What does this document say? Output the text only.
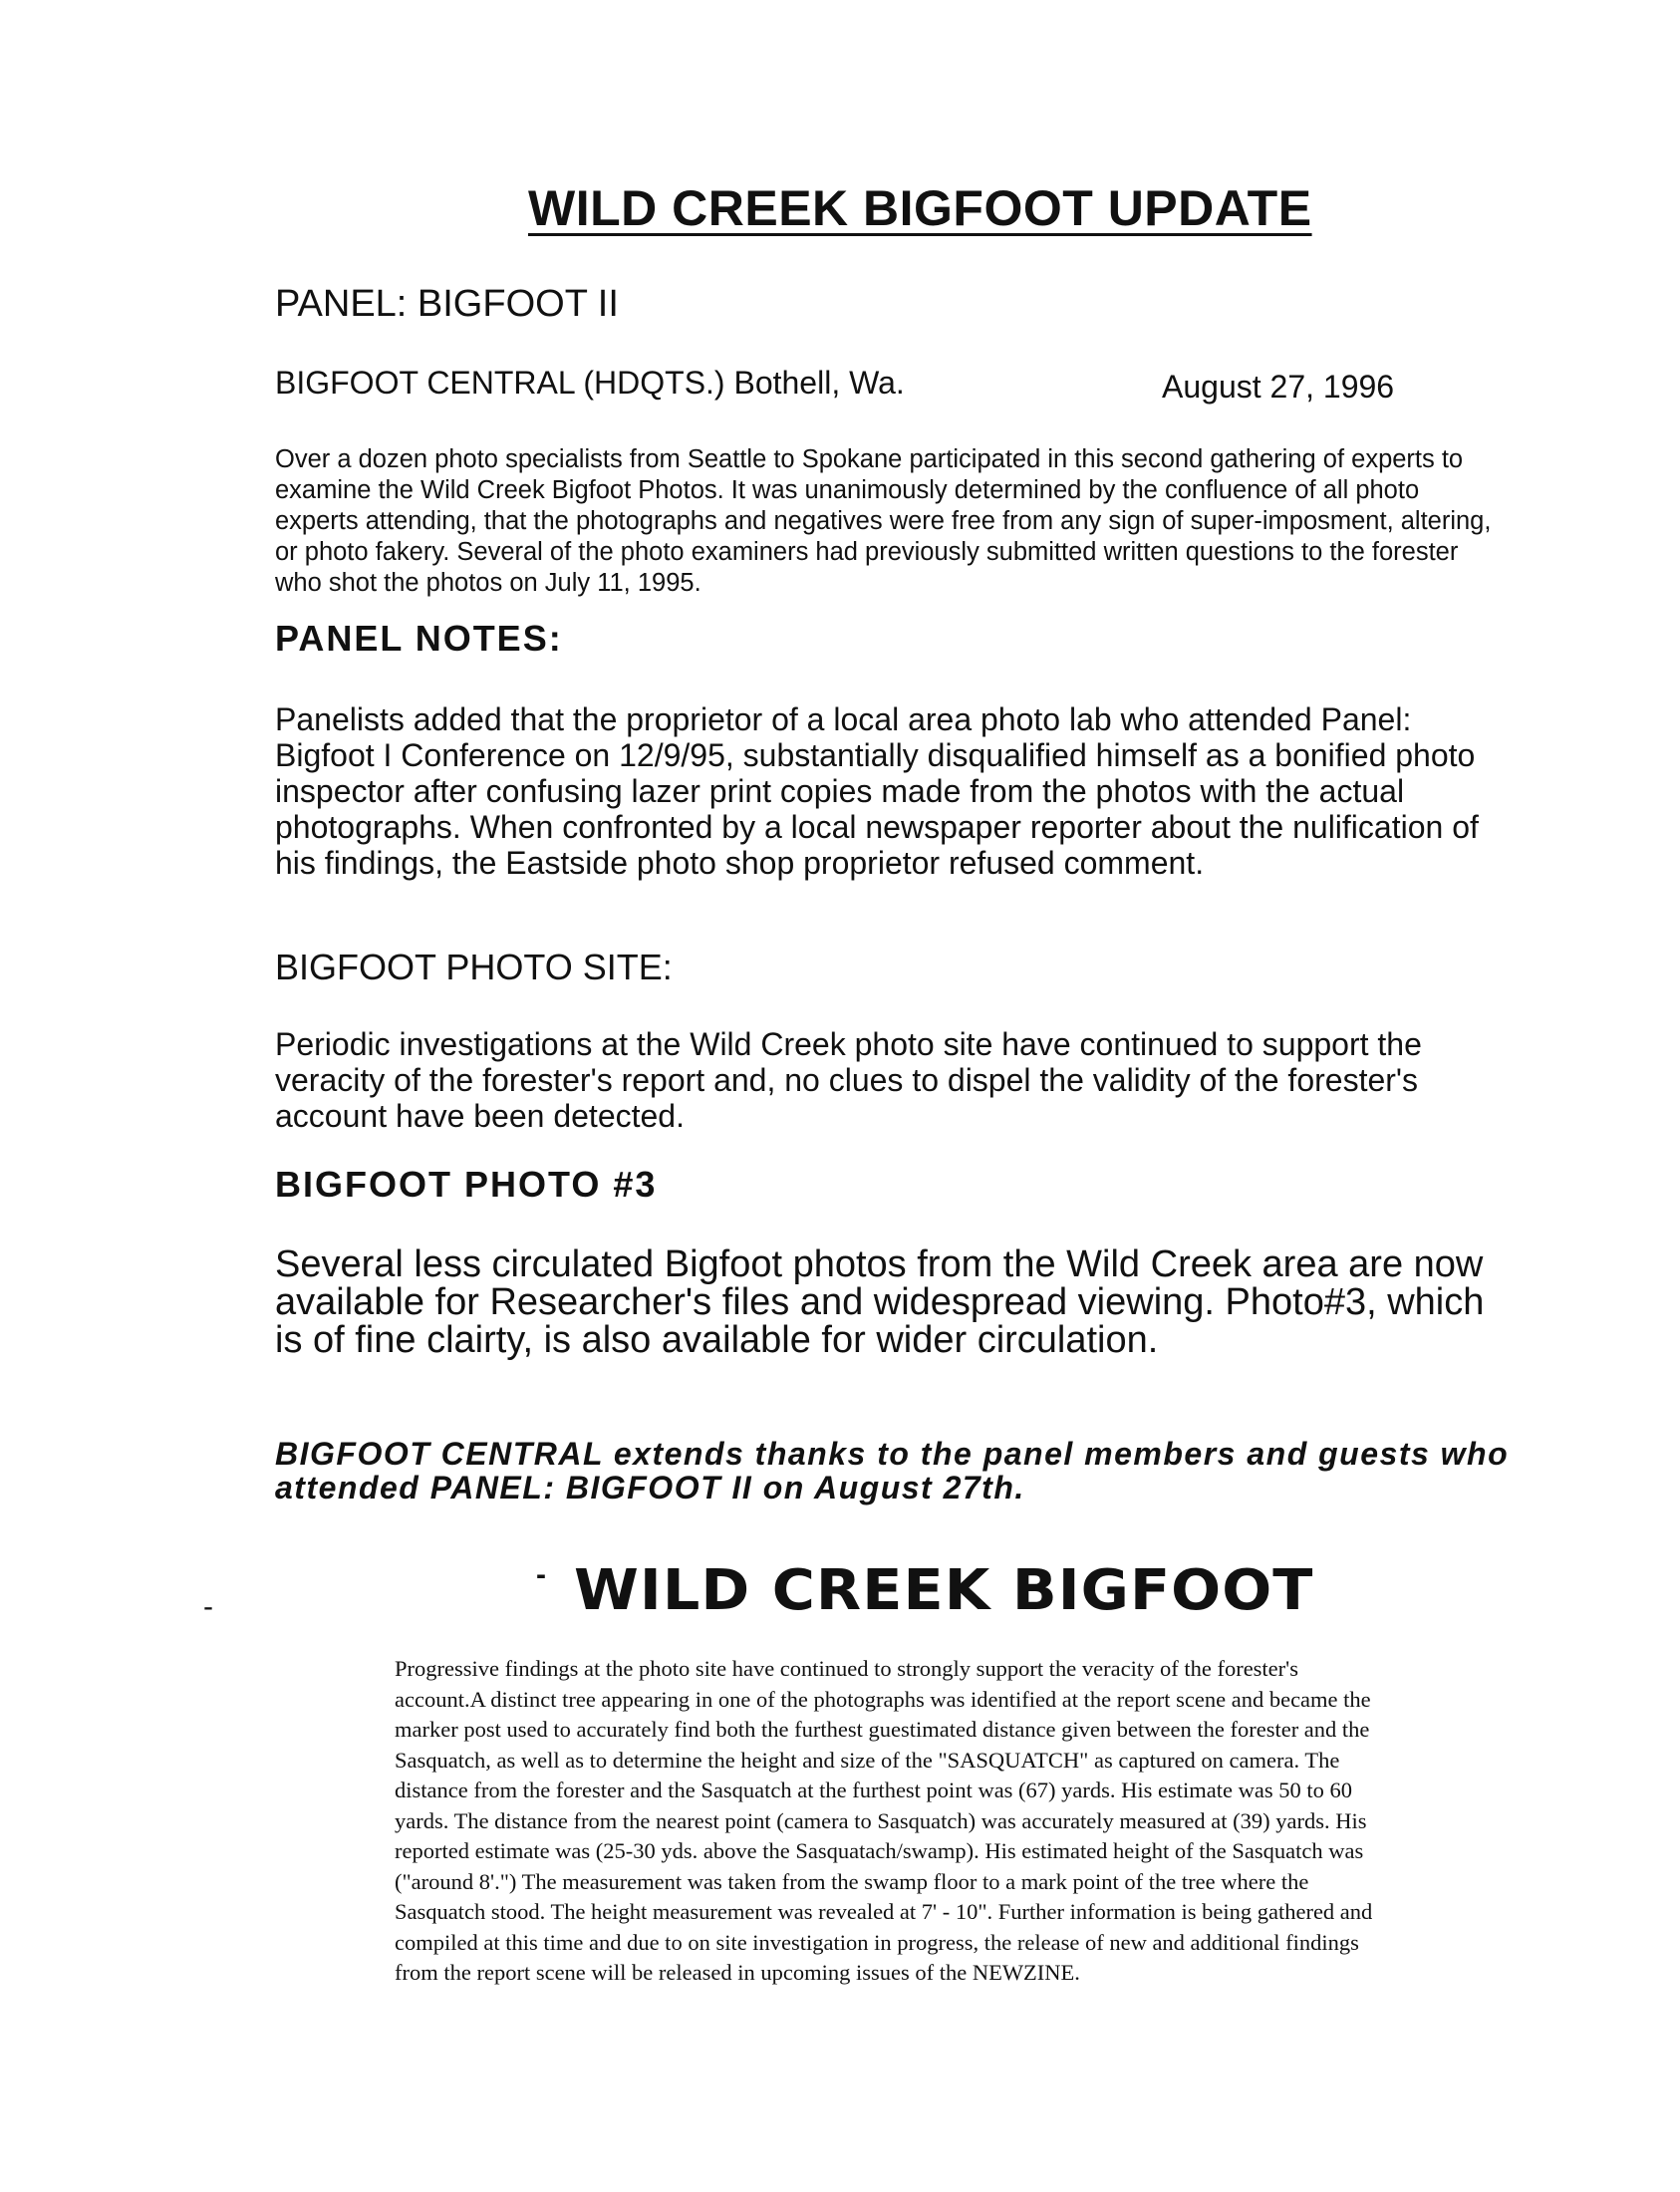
WILD CREEK BIGFOOT UPDATE
PANEL: BIGFOOT II
BIGFOOT CENTRAL (HDQTS.) Bothell, Wa.	August 27, 1996

Over a dozen photo specialists from Seattle to Spokane participated in this second gathering of experts to examine the Wild Creek Bigfoot Photos. It was unanimously determined by the confluence of all photo experts attending, that the photographs and negatives were free from any sign of super-imposment, altering, or photo fakery. Several of the photo examiners had previously submitted written questions to the forester who shot the photos on July 11, 1995.

PANEL NOTES:

Panelists added that the proprietor of a local area photo lab who attended Panel: Bigfoot I Conference on 12/9/95, substantially disqualified himself as a bonified photo inspector after confusing lazer print copies made from the photos with the actual photographs. When confronted by a local newspaper reporter about the nulification of his findings, the Eastside photo shop proprietor refused comment.

BIGFOOT PHOTO SITE:

Periodic investigations at the Wild Creek photo site have continued to support the veracity of the forester's report and, no clues to dispel the validity of the forester's account have been detected.

BIGFOOT PHOTO #3

Several less circulated Bigfoot photos from the Wild Creek area are now available for Researcher's files and widespread viewing. Photo#3, which is of fine clairty, is also available for wider circulation.

BIGFOOT CENTRAL extends thanks to the panel members and guests who attended PANEL: BIGFOOT II on August 27th.

-
-	WILD CREEK BIGFOOT

Progressive findings at the photo site have continued to strongly support the veracity of the forester's account.A distinct tree appearing in one of the photographs was identified at the report scene and became the marker post used to accurately find both the furthest guestimated distance given between the forester and the Sasquatch, as well as to determine the height and size of the "SASQUATCH" as captured on camera. The distance from the forester and the Sasquatch at the furthest point was (67) yards. His estimate was 50 to 60 yards. The distance from the nearest point (camera to Sasquatch) was accurately measured at (39) yards. His reported estimate was (25-30 yds. above the Sasquatach/swamp). His estimated height of the Sasquatch was ("around 8'.") The measurement was taken from the swamp floor to a mark point of the tree where the Sasquatch stood. The height measurement was revealed at 7' - 10". Further information is being gathered and compiled at this time and due to on site investigation in progress, the release of new and additional findings from the report scene will be released in upcoming issues of the NEWZINE.
